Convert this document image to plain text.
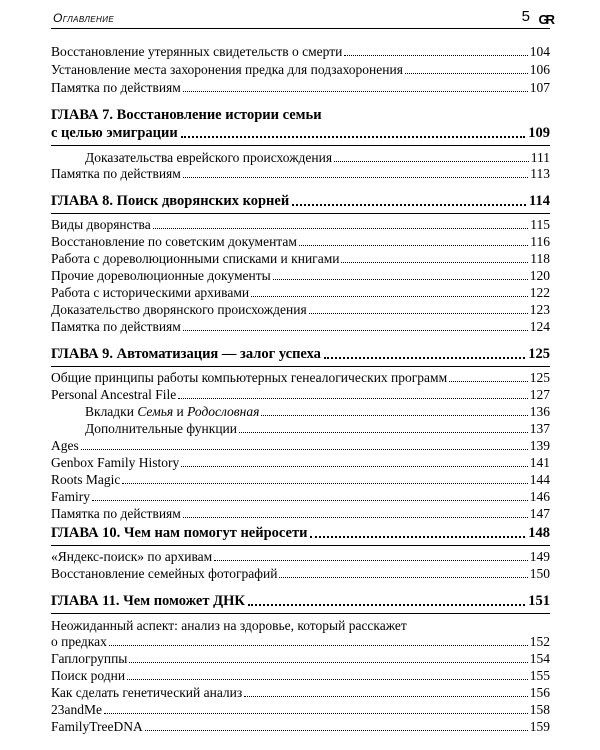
Оглавление	5 GR
Восстановление утерянных свидетельств о смерти	104
Установление места захоронения предка для подзахоронения	106
Памятка по действиям	107
ГЛАВА 7. Восстановление истории семьи
с целью эмиграции	109
Доказательства еврейского происхождения	111
Памятка по действиям	113
ГЛАВА 8. Поиск дворянских корней	114
Виды дворянства	115
Восстановление по советским документам	116
Работа с дореволюционными списками и книгами	118
Прочие дореволюционные документы	120
Работа с историческими архивами	122
Доказательство дворянского происхождения	123
Памятка по действиям	124
ГЛАВА 9. Автоматизация — залог успеха	125
Общие принципы работы компьютерных генеалогических программ	125
Personal Ancestral File	127
Вкладки Семья и Родословная	136
Дополнительные функции	137
Ages	139
Genbox Family History	141
Roots Magic	144
Famiry	146
Памятка по действиям	147
ГЛАВА 10. Чем нам помогут нейросети	148
«Яндекс-поиск» по архивам	149
Восстановление семейных фотографий	150
ГЛАВА 11. Чем поможет ДНК	151
Неожиданный аспект: анализ на здоровье, который расскажет
о предках	152
Гаплогруппы	154
Поиск родни	155
Как сделать генетический анализ	156
23andMe	158
FamilyTreeDNA	159
